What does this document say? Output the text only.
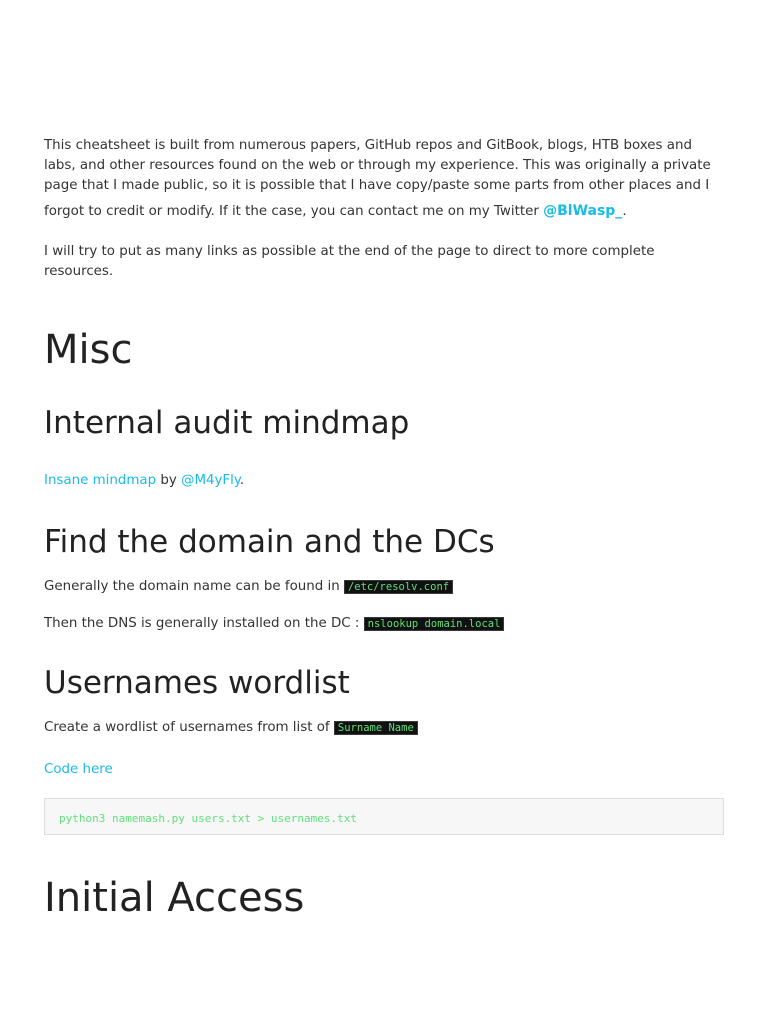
This cheatsheet is built from numerous papers, GitHub repos and GitBook, blogs, HTB boxes and
labs, and other resources found on the web or through my experience. This was originally a private
page that I made public, so it is possible that I have copy/paste some parts from other places and I
forgot to credit or modify. If it the case, you can contact me on my Twitter @BlWasp_.

I will try to put as many links as possible at the end of the page to direct to more complete resources.

Misc
Internal audit mindmap

Insane mindmap by @M4yFly.

Find the domain and the DCs

Generally the domain name can be found in /etc/resolv.conf

Then the DNS is generally installed on the DC : nslookup domain.local

Usernames wordlist

Create a wordlist of usernames from list of Surname Name

Code here

python3 namemash.py users.txt > usernames.txt
Initial Access
